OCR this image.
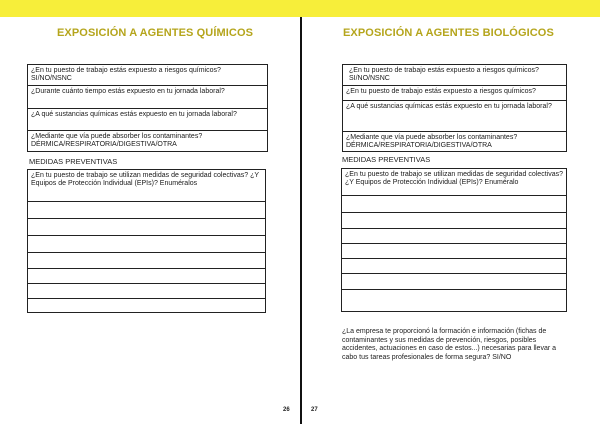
EXPOSICIÓN A AGENTES QUÍMICOS
¿En tu puesto de trabajo estás expuesto a riesgos químicos?
SI/NO/NSNC
¿Durante cuánto tiempo estás expuesto en tu jornada laboral?
¿A qué sustancias químicas estás expuesto en tu jornada laboral?
¿Mediante que vía puede absorber los contaminantes?
DÉRMICA/RESPIRATORIA/DIGESTIVA/OTRA
MEDIDAS PREVENTIVAS
¿En tu puesto de trabajo se utilizan medidas de seguridad colectivas? ¿Y Equipos de Protección Individual (EPIs)? Enuméralos
26
EXPOSICIÓN A AGENTES BIOLÓGICOS
¿En tu puesto de trabajo estás expuesto a riesgos químicos?
SI/NO/NSNC
¿En tu puesto de trabajo estás expuesto a riesgos químicos?
¿A qué sustancias químicas estás expuesto en tu jornada laboral?
¿Mediante que vía puede absorber los contaminantes?
DÉRMICA/RESPIRATORIA/DIGESTIVA/OTRA
MEDIDAS PREVENTIVAS
¿En tu puesto de trabajo se utilizan medidas de seguridad colectivas? ¿Y Equipos de Protección Individual (EPIs)? Enuméralo
¿La empresa te proporcionó la formación e información (fichas de contaminantes y sus medidas de prevención, riesgos, posibles accidentes, actuaciones en caso de estos...) necesarias para llevar a cabo tus tareas profesionales de forma segura? SI/NO
27
